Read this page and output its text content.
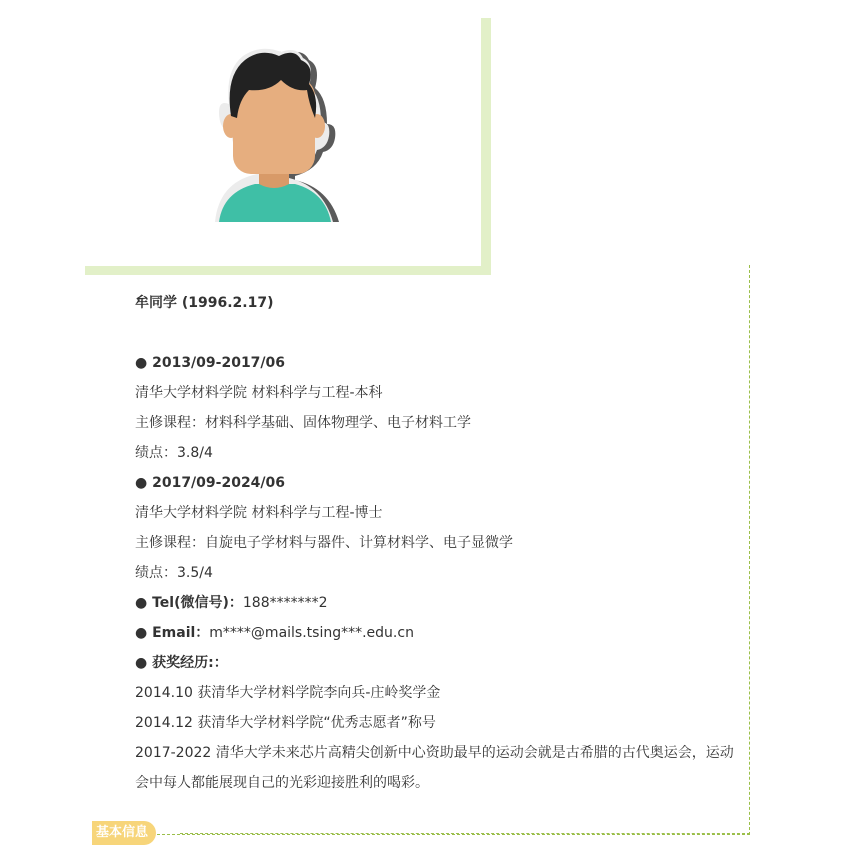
牟同学 (1996.2.17)
● 2013/09-2017/06
清华大学材料学院 材料科学与工程-本科
主修课程：材料科学基础、固体物理学、电子材料工学
绩点：3.8/4
● 2017/09-2024/06
清华大学材料学院 材料科学与工程-博士
主修课程：自旋电子学材料与器件、计算材料学、电子显微学
绩点：3.5/4
● Tel(微信号)：188*******2
● Email：m****@mails.tsing***.edu.cn
● 获奖经历:：
2014.10 获清华大学材料学院李向兵-庄岭奖学金
2014.12 获清华大学材料学院“优秀志愿者”称号
2017-2022 清华大学未来芯片高精尖创新中心资助最早的运动会就是古希腊的古代奥运会，运动会中每人都能展现自己的光彩迎接胜利的喝彩。
基本信息
